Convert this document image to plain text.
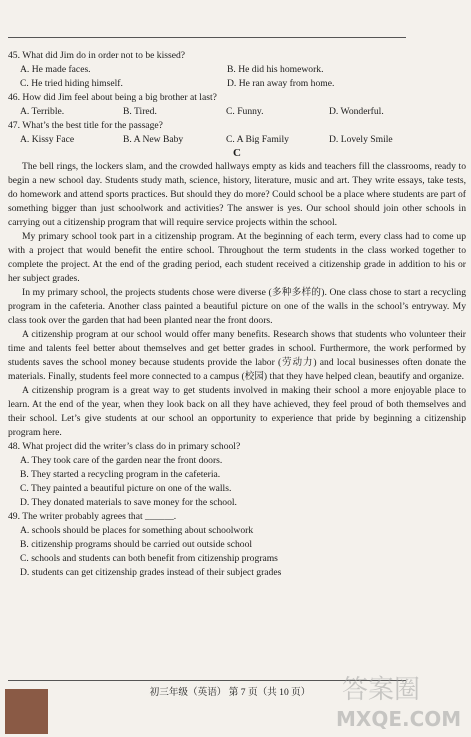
45. What did Jim do in order not to be kissed?

A. He made faces.	B. He did his homework.
C. He tried hiding himself.	D. He ran away from home.

46. How did Jim feel about being a big brother at last?

A. Terrible.	B. Tired.	C. Funny.	D. Wonderful.

47. What’s the best title for the passage?

A. Kissy Face	B. A New Baby	C. A Big Family	D. Lovely Smile
C

The bell rings, the lockers slam, and the crowded hallways empty as kids and teachers fill the classrooms, ready to begin a new school day. Students study math, science, history, literature, music and art. They write essays, take tests, do homework and attend sports practices. But should they do more? Could school be a place where students are part of something bigger than just schoolwork and activities? The answer is yes. Our school should join other schools in carrying out a citizenship program that will require service projects within the school.

My primary school took part in a citizenship program. At the beginning of each term, every class had to come up with a project that would benefit the entire school. Throughout the term students in the class worked together to complete the project. At the end of the grading period, each student received a citizenship grade in addition to his or her subject grades.

In my primary school, the projects students chose were diverse (多种多样的). One class chose to start a recycling program in the cafeteria. Another class painted a beautiful picture on one of the walls in the school’s entryway. My class took over the garden that had been planted near the front doors.

A citizenship program at our school would offer many benefits. Research shows that students who volunteer their time and talents feel better about themselves and get better grades in school. Furthermore, the work performed by students saves the school money because students provide the labor (劳动力) and local businesses often donate the materials. Finally, students feel more connected to a campus (校园) that they have helped clean, beautify and organize.

A citizenship program is a great way to get students involved in making their school a more enjoyable place to learn. At the end of the year, when they look back on all they have achieved, they feel proud of both themselves and their school. Let’s give students at our school an opportunity to experience that pride by beginning a citizenship program here.

48. What project did the writer’s class do in primary school?

A. They took care of the garden near the front doors.
B. They started a recycling program in the cafeteria.
C. They painted a beautiful picture on one of the walls.
D. They donated materials to save money for the school.

49. The writer probably agrees that ______.

A. schools should be places for something about schoolwork
B. citizenship programs should be carried out outside school
C. schools and students can both benefit from citizenship programs
D. students can get citizenship grades instead of their subject grades
初三年级（英语） 第 7 页（共 10 页）	答案圈
MXQE.COM
